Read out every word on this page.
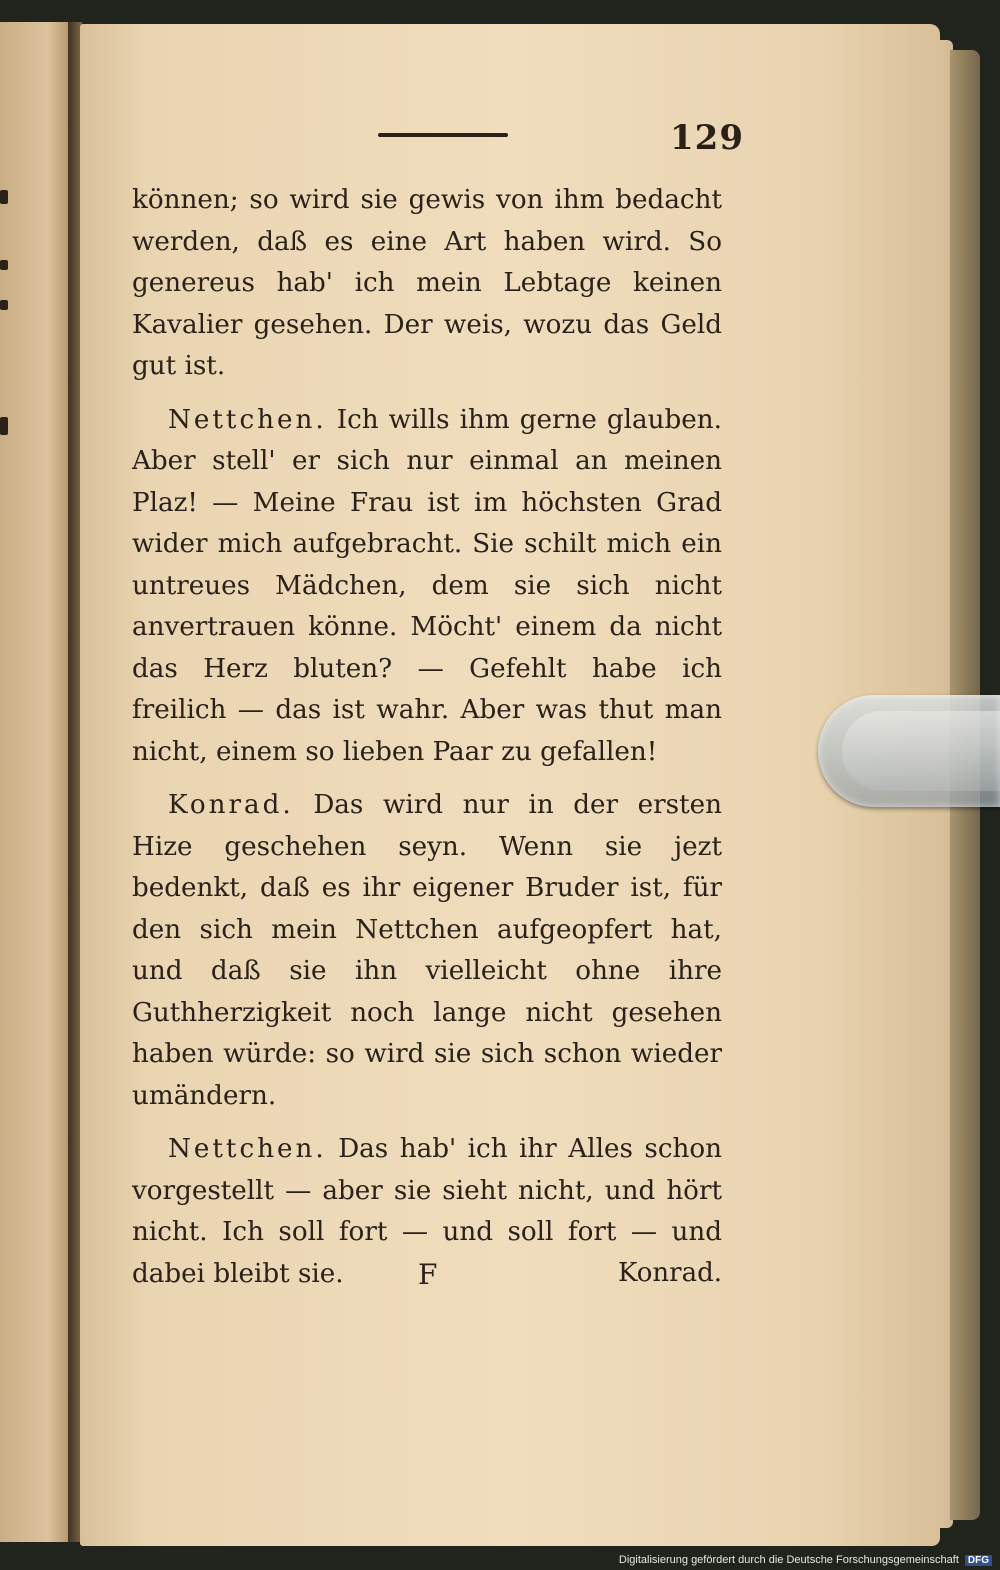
129

können; so wird sie gewis von ihm bedacht werden, daß es eine Art haben wird. So genereus hab' ich mein Lebtage keinen Kavalier gesehen. Der weis, wozu das Geld gut ist.

Nettchen. Ich wills ihm gerne glauben. Aber stell' er sich nur einmal an meinen Plaz! — Meine Frau ist im höchsten Grad wider mich aufgebracht. Sie schilt mich ein untreues Mädchen, dem sie sich nicht anvertrauen könne. Möcht' einem da nicht das Herz bluten? — Gefehlt habe ich freilich — das ist wahr. Aber was thut man nicht, einem so lieben Paar zu gefallen!

Konrad. Das wird nur in der ersten Hize geschehen seyn. Wenn sie jezt bedenkt, daß es ihr eigener Bruder ist, für den sich mein Nettchen aufgeopfert hat, und daß sie ihn vielleicht ohne ihre Guthherzigkeit noch lange nicht gesehen haben würde: so wird sie sich schon wieder umändern.

Nettchen. Das hab' ich ihr Alles schon vorgestellt — aber sie sieht nicht, und hört nicht. Ich soll fort — und soll fort — und dabei bleibt sie.	F	Konrad.
Digitalisierung gefördert durch die Deutsche Forschungsgemeinschaft DFG
